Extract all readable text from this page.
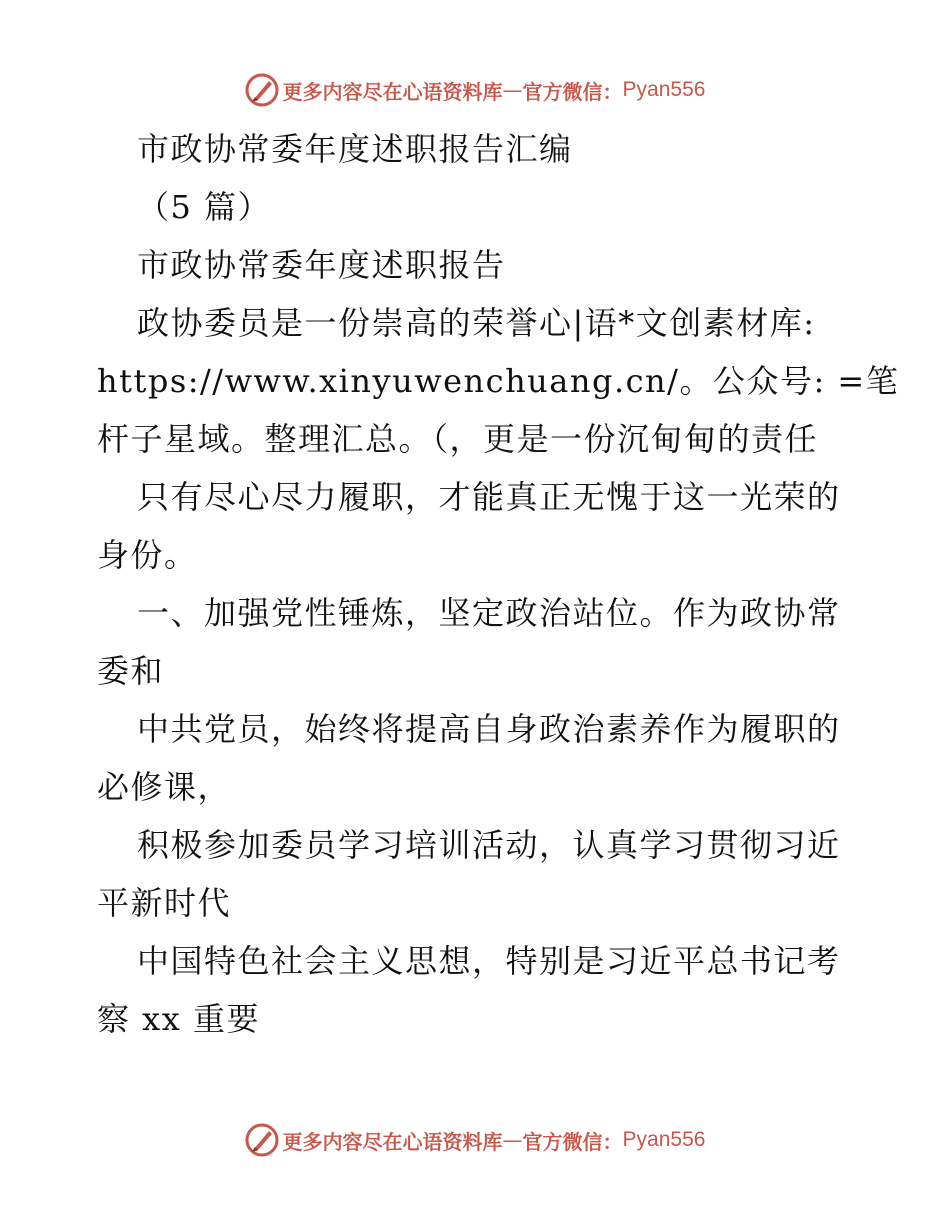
更多内容尽在心语资料库 — 官方微信： Pyan556
市政协常委年度述职报告汇编
（5 篇）
市政协常委年度述职报告
政协委员是一份崇高的荣誉心|语*文创素材库:
https://www.xinyuwenchuang.cn/。公众号: =笔
杆子星域。整理汇总。（，更是一份沉甸甸的责任
只有尽心尽力履职，才能真正无愧于这一光荣的
身份。
一、加强党性锤炼，坚定政治站位。作为政协常
委和
中共党员，始终将提高自身政治素养作为履职的
必修课，
积极参加委员学习培训活动，认真学习贯彻习近
平新时代
中国特色社会主义思想，特别是习近平总书记考
察 xx 重要
更多内容尽在心语资料库 — 官方微信： Pyan556
